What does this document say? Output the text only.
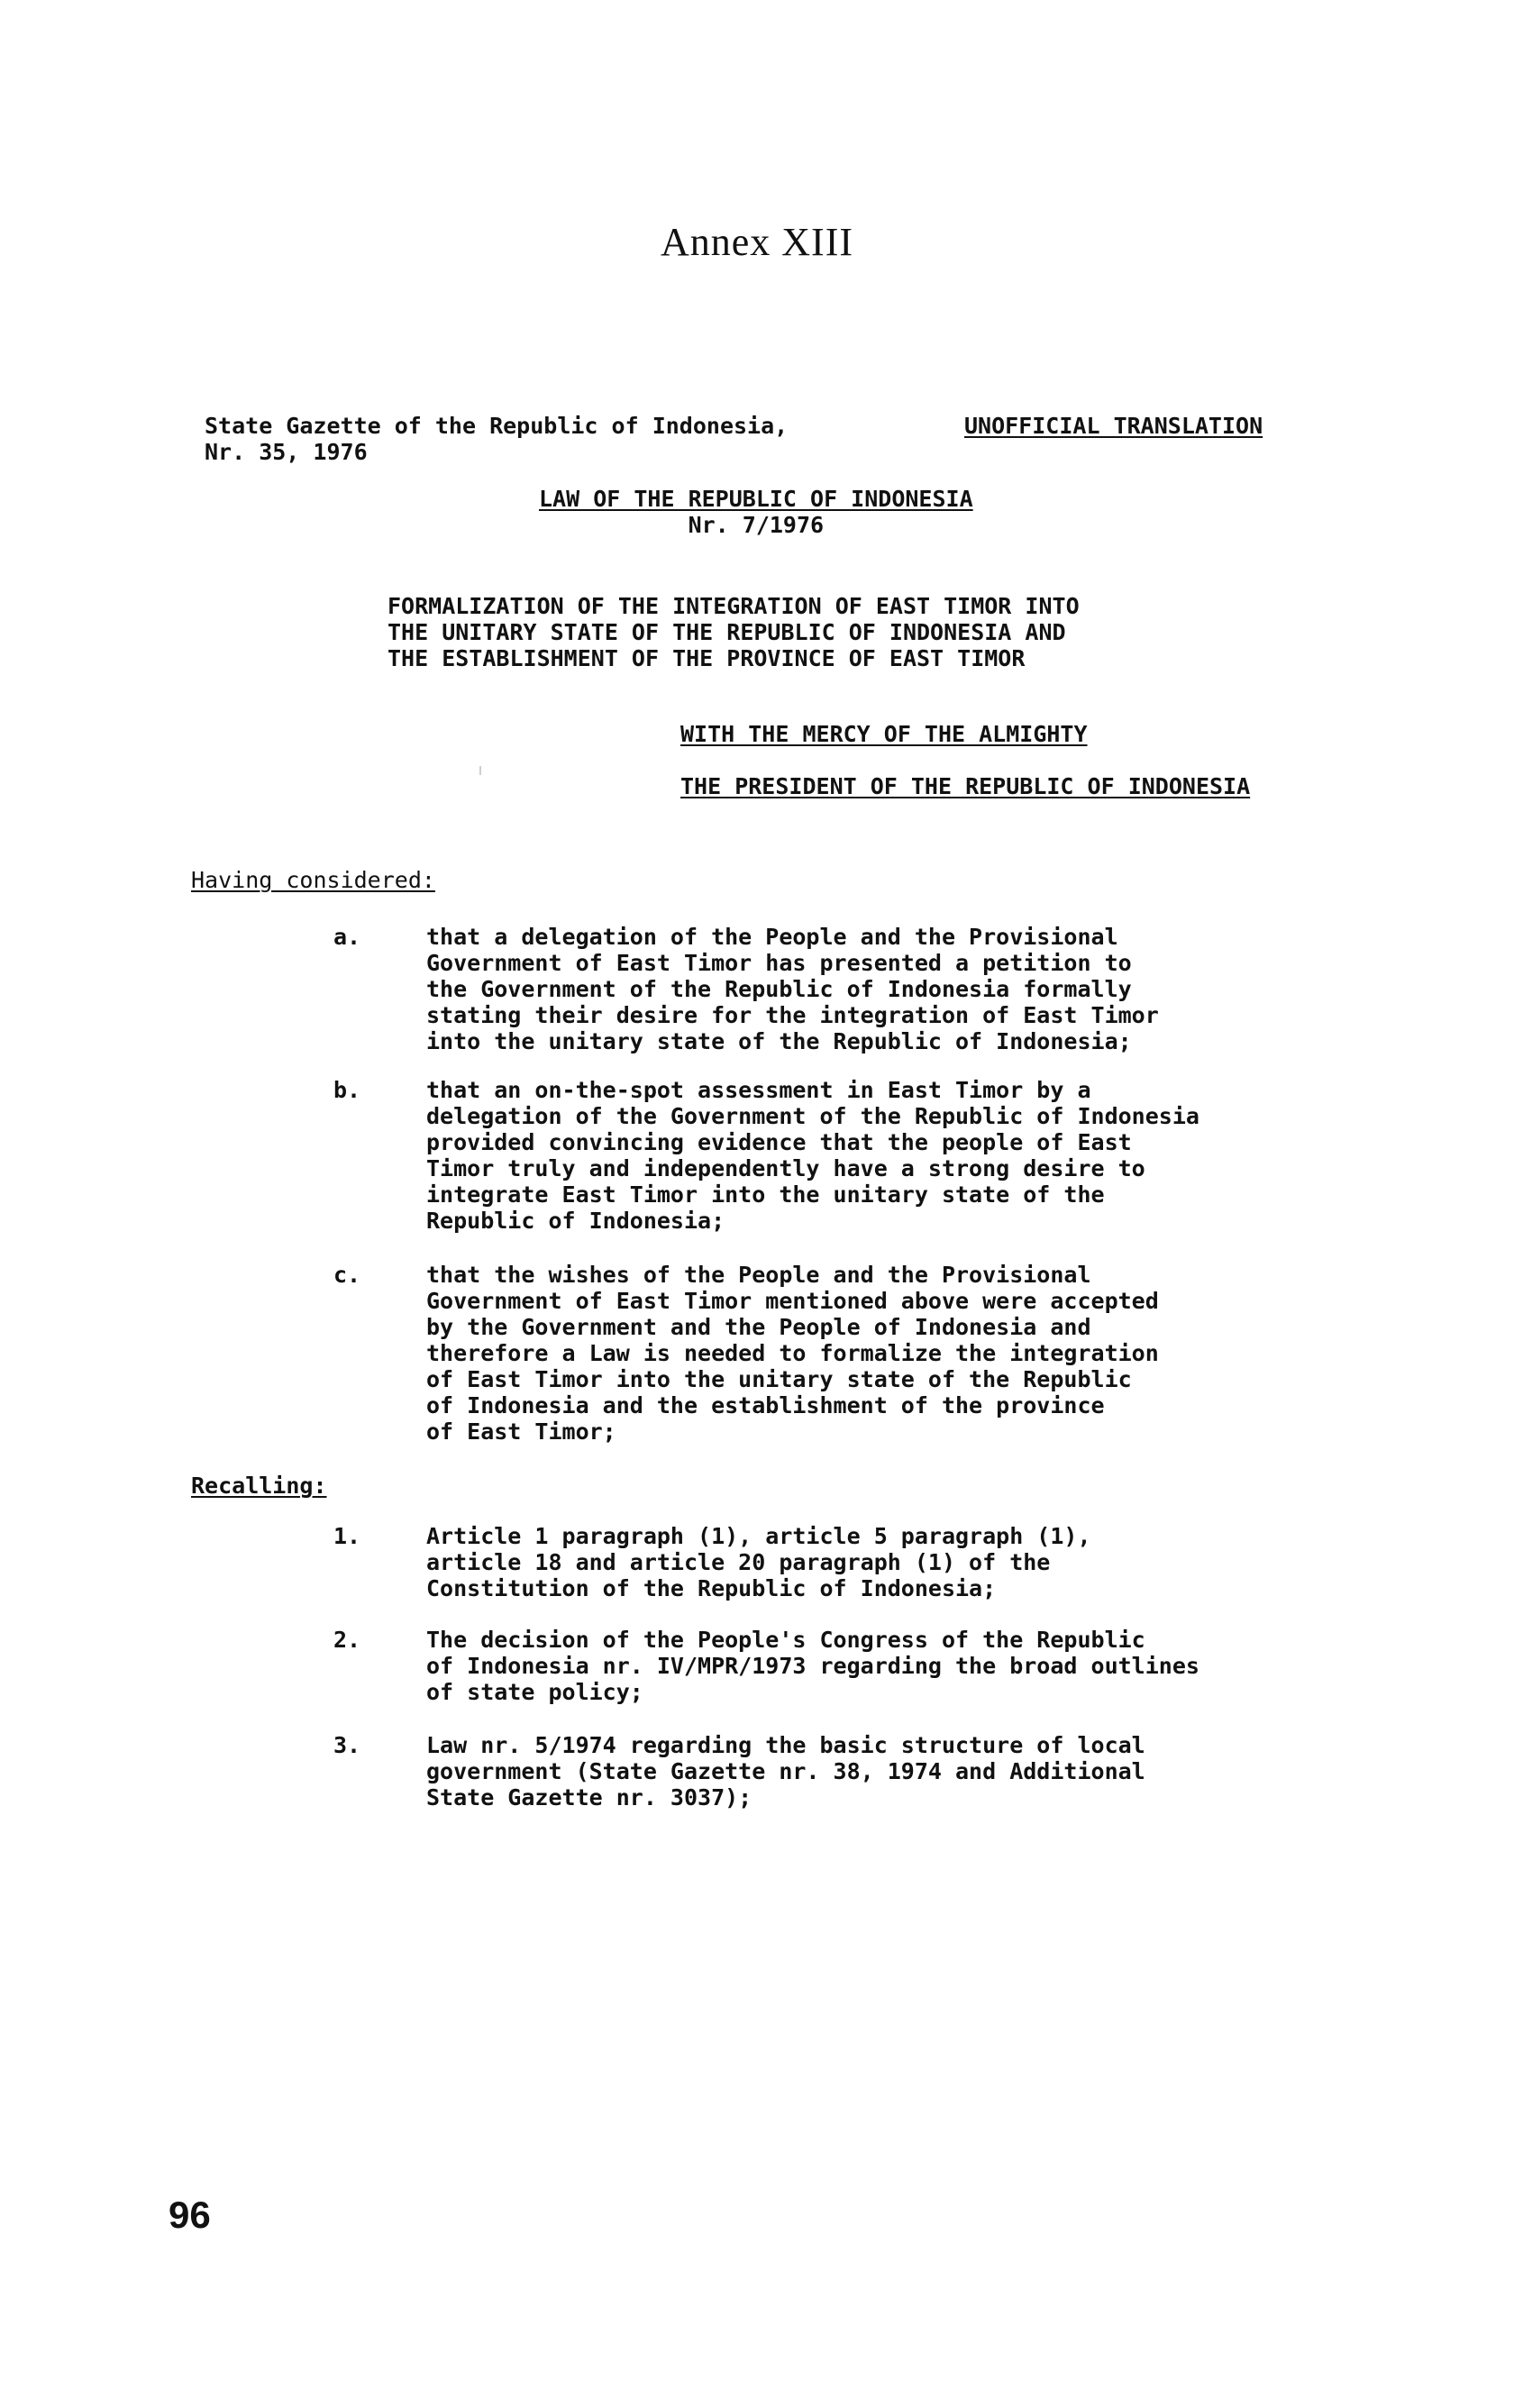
Annex XIII
State Gazette of the Republic of Indonesia,
Nr. 35, 1976
UNOFFICIAL TRANSLATION
LAW OF THE REPUBLIC OF INDONESIA
Nr. 7/1976
FORMALIZATION OF THE INTEGRATION OF EAST TIMOR INTO
THE UNITARY STATE OF THE REPUBLIC OF INDONESIA AND
THE ESTABLISHMENT OF THE PROVINCE OF EAST TIMOR
WITH THE MERCY OF THE ALMIGHTY
THE PRESIDENT OF THE REPUBLIC OF INDONESIA
Having considered:
a.	that a delegation of the People and the Provisional
Government of East Timor has presented a petition to
the Government of the Republic of Indonesia formally
stating their desire for the integration of East Timor
into the unitary state of the Republic of Indonesia;
b.	that an on-the-spot assessment in East Timor by a
delegation of the Government of the Republic of Indonesia
provided convincing evidence that the people of East
Timor truly and independently have a strong desire to
integrate East Timor into the unitary state of the
Republic of Indonesia;
c.	that the wishes of the People and the Provisional
Government of East Timor mentioned above were accepted
by the Government and the People of Indonesia and
therefore a Law is needed to formalize the integration
of East Timor into the unitary state of the Republic
of Indonesia and the establishment of the province
of East Timor;
Recalling:
1.	Article 1 paragraph (1), article 5 paragraph (1),
article 18 and article 20 paragraph (1) of the
Constitution of the Republic of Indonesia;
2.	The decision of the People's Congress of the Republic
of Indonesia nr. IV/MPR/1973 regarding the broad outlines
of state policy;
3.	Law nr. 5/1974 regarding the basic structure of local
government (State Gazette nr. 38, 1974 and Additional
State Gazette nr. 3037);
96
